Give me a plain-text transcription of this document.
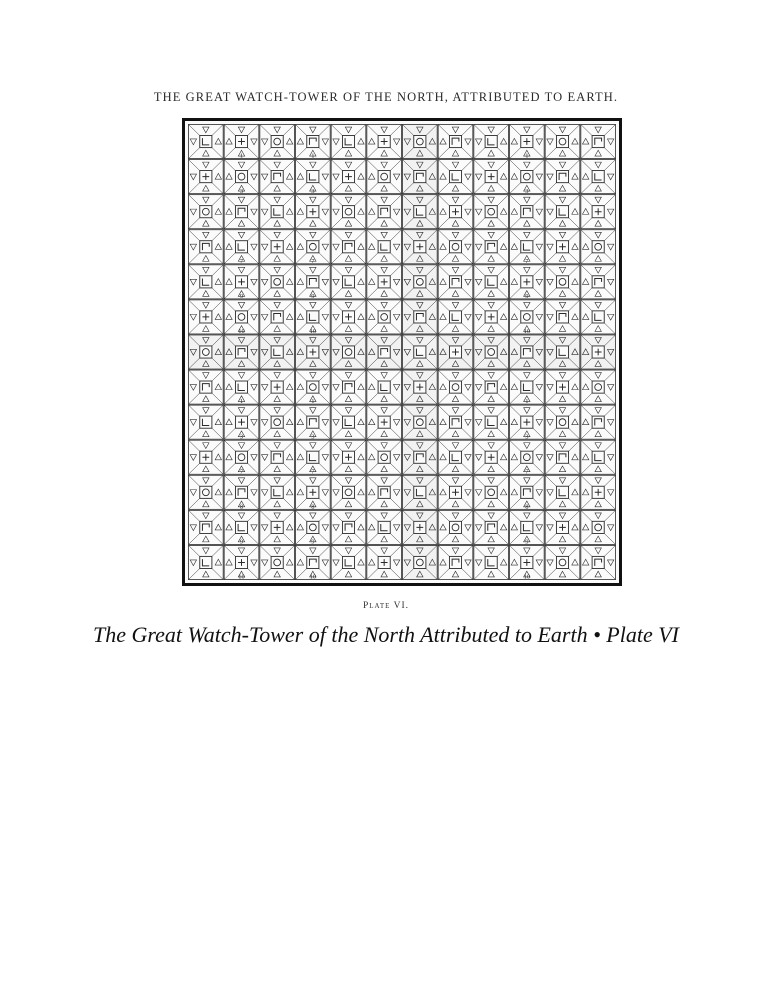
THE GREAT WATCH-TOWER OF THE NORTH, ATTRIBUTED TO EARTH.
1
3
7
9
10
1
3
7
8
9
10
1
3
7
9
10
1
3
7
8
9
10
1
3
7
9
10
1
3
7
8
9
10
Plate VI.
The Great Watch-Tower of the North Attributed to Earth • Plate VI
